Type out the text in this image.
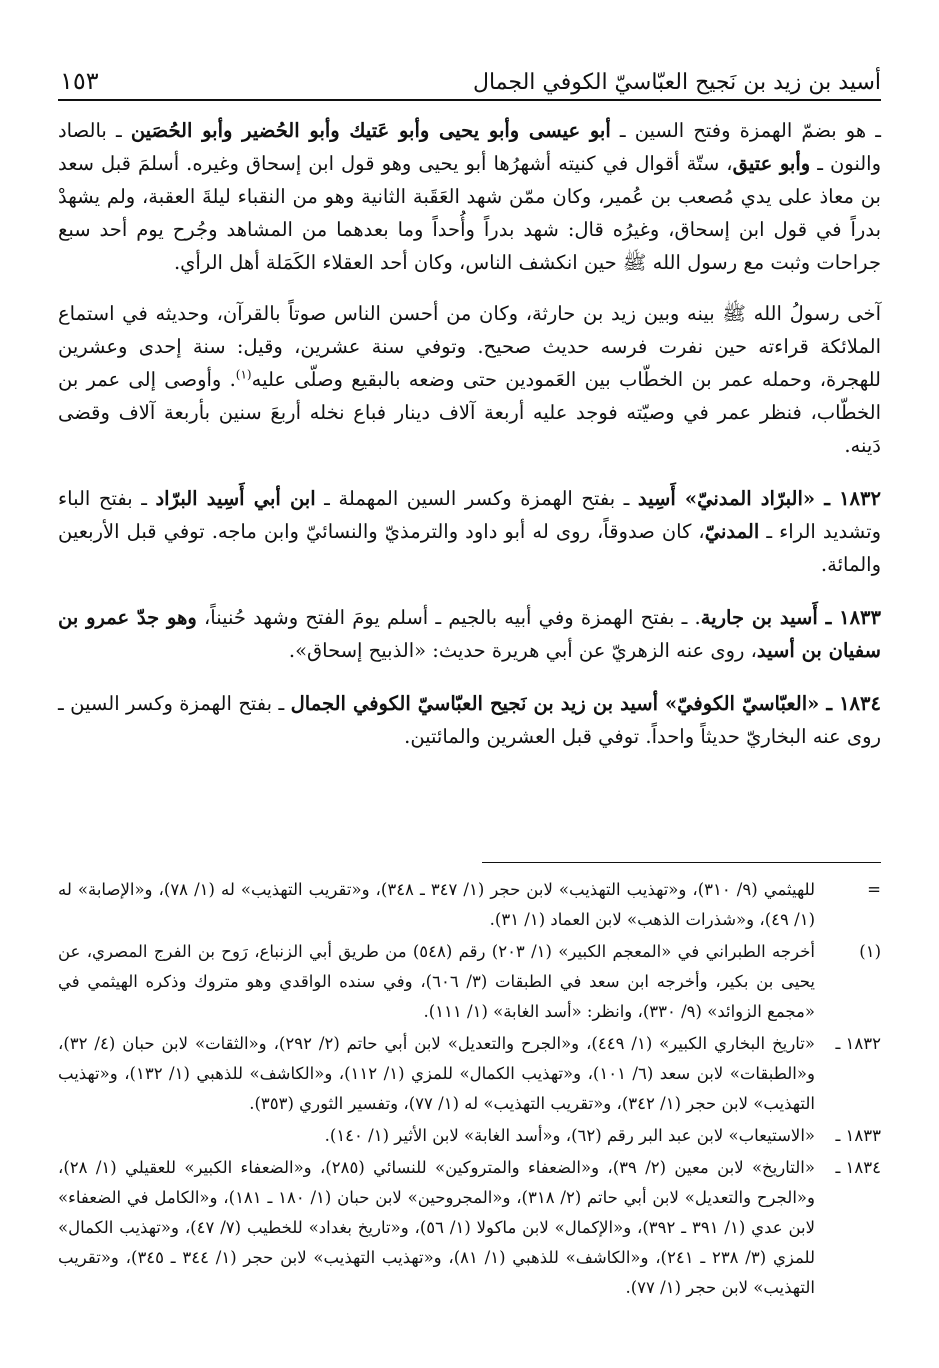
أسيد بن زيد بن نَجيح العبّاسيّ الكوفي الجمال
١٥٣

ـ هو بضمّ الهمزة وفتح السين ـ أبو عيسى وأبو يحيى وأبو عَتيك وأبو الحُضير وأبو الحُصَين ـ بالصاد والنون ـ وأبو عتيق، ستّة أقوال في كنيته أشهرُها أبو يحيى وهو قول ابن إسحاق وغيره. أسلمَ قبل سعد بن معاذ على يدي مُصعب بن عُمير، وكان ممّن شهد العَقَبة الثانية وهو من النقباء ليلةَ العقبة، ولم يشهدْ بدراً في قول ابن إسحاق، وغيرُه قال: شهد بدراً وأُحداً وما بعدهما من المشاهد وجُرح يوم أحد سبع جراحات وثبت مع رسول الله ﷺ حين انكشف الناس، وكان أحد العقلاء الكَمَلة أهل الرأي.

آخى رسولُ الله ﷺ بينه وبين زيد بن حارثة، وكان من أحسن الناس صوتاً بالقرآن، وحديثه في استماع الملائكة قراءته حين نفرت فرسه حديث صحيح. وتوفي سنة عشرين، وقيل: سنة إحدى وعشرين للهجرة، وحمله عمر بن الخطّاب بين العَمودين حتى وضعه بالبقيع وصلّى عليه$^{(١)}$. وأوصى إلى عمر بن الخطّاب، فنظر عمر في وصيّته فوجد عليه أربعة آلاف دينار فباع نخله أربعَ سنين بأربعة آلاف وقضى دَينه.

١٨٣٢ ـ «البرّاد المدنيّ» أَسِيد ـ بفتح الهمزة وكسر السين المهملة ـ ابن أبي أَسِيد البرّاد ـ بفتح الباء وتشديد الراء ـ المدنيّ، كان صدوقاً، روى له أبو داود والترمذيّ والنسائيّ وابن ماجه. توفي قبل الأربعين والمائة.

١٨٣٣ ـ أَسيد بن جارية. ـ بفتح الهمزة وفي أبيه بالجيم ـ أسلم يومَ الفتح وشهد حُنيناً، وهو جدّ عمرو بن سفيان بن أسيد، روى عنه الزهريّ عن أبي هريرة حديث: «الذبيح إسحاق».

١٨٣٤ ـ «العبّاسيّ الكوفيّ» أسيد بن زيد بن نَجيح العبّاسيّ الكوفي الجمال ـ بفتح الهمزة وكسر السين ـ روى عنه البخاريّ حديثاً واحداً. توفي قبل العشرين والمائتين.

=
للهيثمي (٩/ ٣١٠)، و«تهذيب التهذيب» لابن حجر (١/ ٣٤٧ ـ ٣٤٨)، و«تقريب التهذيب» له (١/ ٧٨)، و«الإصابة» له (١/ ٤٩)، و«شذرات الذهب» لابن العماد (١/ ٣١).
(١)
أخرجه الطبراني في «المعجم الكبير» (١/ ٢٠٣) رقم (٥٤٨) من طريق أبي الزنباع، رَوح بن الفرج المصري، عن يحيى بن بكير، وأخرجه ابن سعد في الطبقات (٣/ ٦٠٦)، وفي سنده الواقدي وهو متروك وذكره الهيثمي في «مجمع الزوائد» (٩/ ٣٣٠)، وانظر: «أسد الغابة» (١/ ١١١).
١٨٣٢ ـ
«تاريخ البخاري الكبير» (١/ ٤٤٩)، و«الجرح والتعديل» لابن أبي حاتم (٢/ ٢٩٢)، و«الثقات» لابن حبان (٤/ ٣٢)، و«الطبقات» لابن سعد (٦/ ١٠١)، و«تهذيب الكمال» للمزي (١/ ١١٢)، و«الكاشف» للذهبي (١/ ١٣٢)، و«تهذيب التهذيب» لابن حجر (١/ ٣٤٢)، و«تقريب التهذيب» له (١/ ٧٧)، وتفسير الثوري (٣٥٣).
١٨٣٣ ـ
«الاستيعاب» لابن عبد البر رقم (٦٢)، و«أسد الغابة» لابن الأثير (١/ ١٤٠).
١٨٣٤ ـ
«التاريخ» لابن معين (٢/ ٣٩)، و«الضعفاء والمتروكين» للنسائي (٢٨٥)، و«الضعفاء الكبير» للعقيلي (١/ ٢٨)، و«الجرح والتعديل» لابن أبي حاتم (٢/ ٣١٨)، و«المجروحين» لابن حبان (١/ ١٨٠ ـ ١٨١)، و«الكامل في الضعفاء» لابن عدي (١/ ٣٩١ ـ ٣٩٢)، و«الإكمال» لابن ماكولا (١/ ٥٦)، و«تاريخ بغداد» للخطيب (٧/ ٤٧)، و«تهذيب الكمال» للمزي (٣/ ٢٣٨ ـ ٢٤١)، و«الكاشف» للذهبي (١/ ٨١)، و«تهذيب التهذيب» لابن حجر (١/ ٣٤٤ ـ ٣٤٥)، و«تقريب التهذيب» لابن حجر (١/ ٧٧).
